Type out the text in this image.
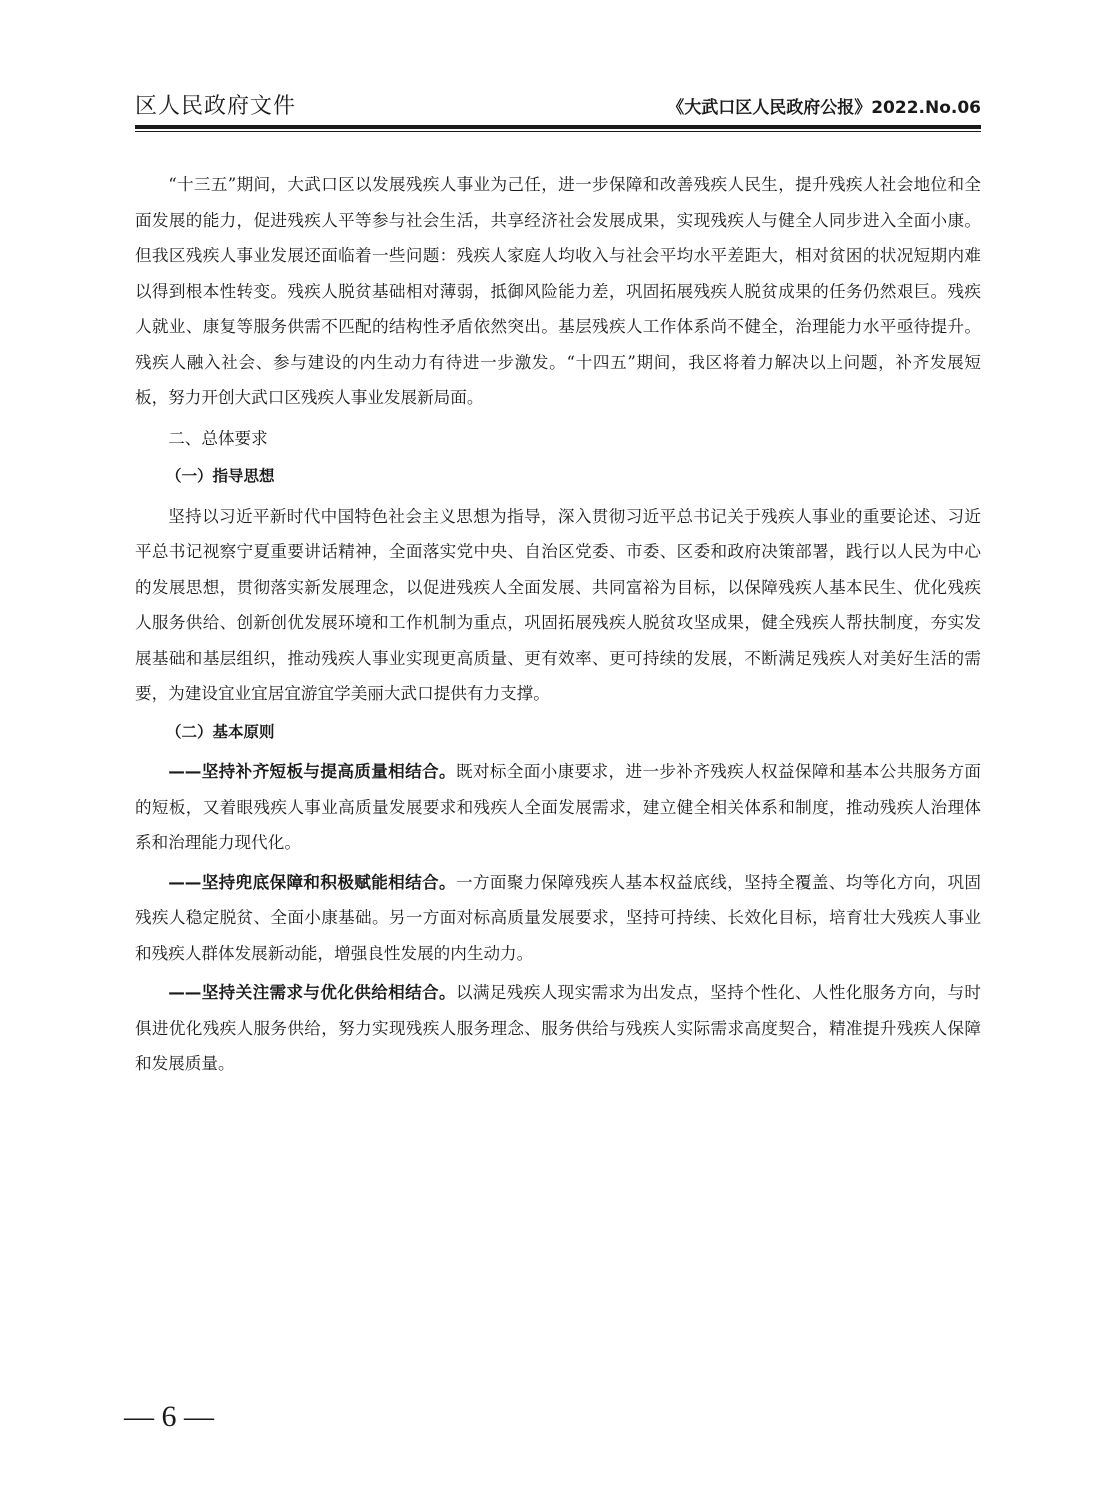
区人民政府文件	《大武口区人民政府公报》2022.No.06

“十三五”期间，大武口区以发展残疾人事业为己任，进一步保障和改善残疾人民生，提升残疾人社会地位和全面发展的能力，促进残疾人平等参与社会生活，共享经济社会发展成果，实现残疾人与健全人同步进入全面小康。但我区残疾人事业发展还面临着一些问题：残疾人家庭人均收入与社会平均水平差距大，相对贫困的状况短期内难以得到根本性转变。残疾人脱贫基础相对薄弱，抵御风险能力差，巩固拓展残疾人脱贫成果的任务仍然艰巨。残疾人就业、康复等服务供需不匹配的结构性矛盾依然突出。基层残疾人工作体系尚不健全，治理能力水平亟待提升。残疾人融入社会、参与建设的内生动力有待进一步激发。“十四五”期间，我区将着力解决以上问题，补齐发展短板，努力开创大武口区残疾人事业发展新局面。

二、总体要求

（一）指导思想

坚持以习近平新时代中国特色社会主义思想为指导，深入贯彻习近平总书记关于残疾人事业的重要论述、习近平总书记视察宁夏重要讲话精神，全面落实党中央、自治区党委、市委、区委和政府决策部署，践行以人民为中心的发展思想，贯彻落实新发展理念，以促进残疾人全面发展、共同富裕为目标，以保障残疾人基本民生、优化残疾人服务供给、创新创优发展环境和工作机制为重点，巩固拓展残疾人脱贫攻坚成果，健全残疾人帮扶制度，夯实发展基础和基层组织，推动残疾人事业实现更高质量、更有效率、更可持续的发展，不断满足残疾人对美好生活的需要，为建设宜业宜居宜游宜学美丽大武口提供有力支撑。

（二）基本原则

——坚持补齐短板与提高质量相结合。既对标全面小康要求，进一步补齐残疾人权益保障和基本公共服务方面的短板，又着眼残疾人事业高质量发展要求和残疾人全面发展需求，建立健全相关体系和制度，推动残疾人治理体系和治理能力现代化。

——坚持兜底保障和积极赋能相结合。一方面聚力保障残疾人基本权益底线，坚持全覆盖、均等化方向，巩固残疾人稳定脱贫、全面小康基础。另一方面对标高质量发展要求，坚持可持续、长效化目标，培育壮大残疾人事业和残疾人群体发展新动能，增强良性发展的内生动力。

——坚持关注需求与优化供给相结合。以满足残疾人现实需求为出发点，坚持个性化、人性化服务方向，与时俱进优化残疾人服务供给，努力实现残疾人服务理念、服务供给与残疾人实际需求高度契合，精准提升残疾人保障和发展质量。

— 6 —
